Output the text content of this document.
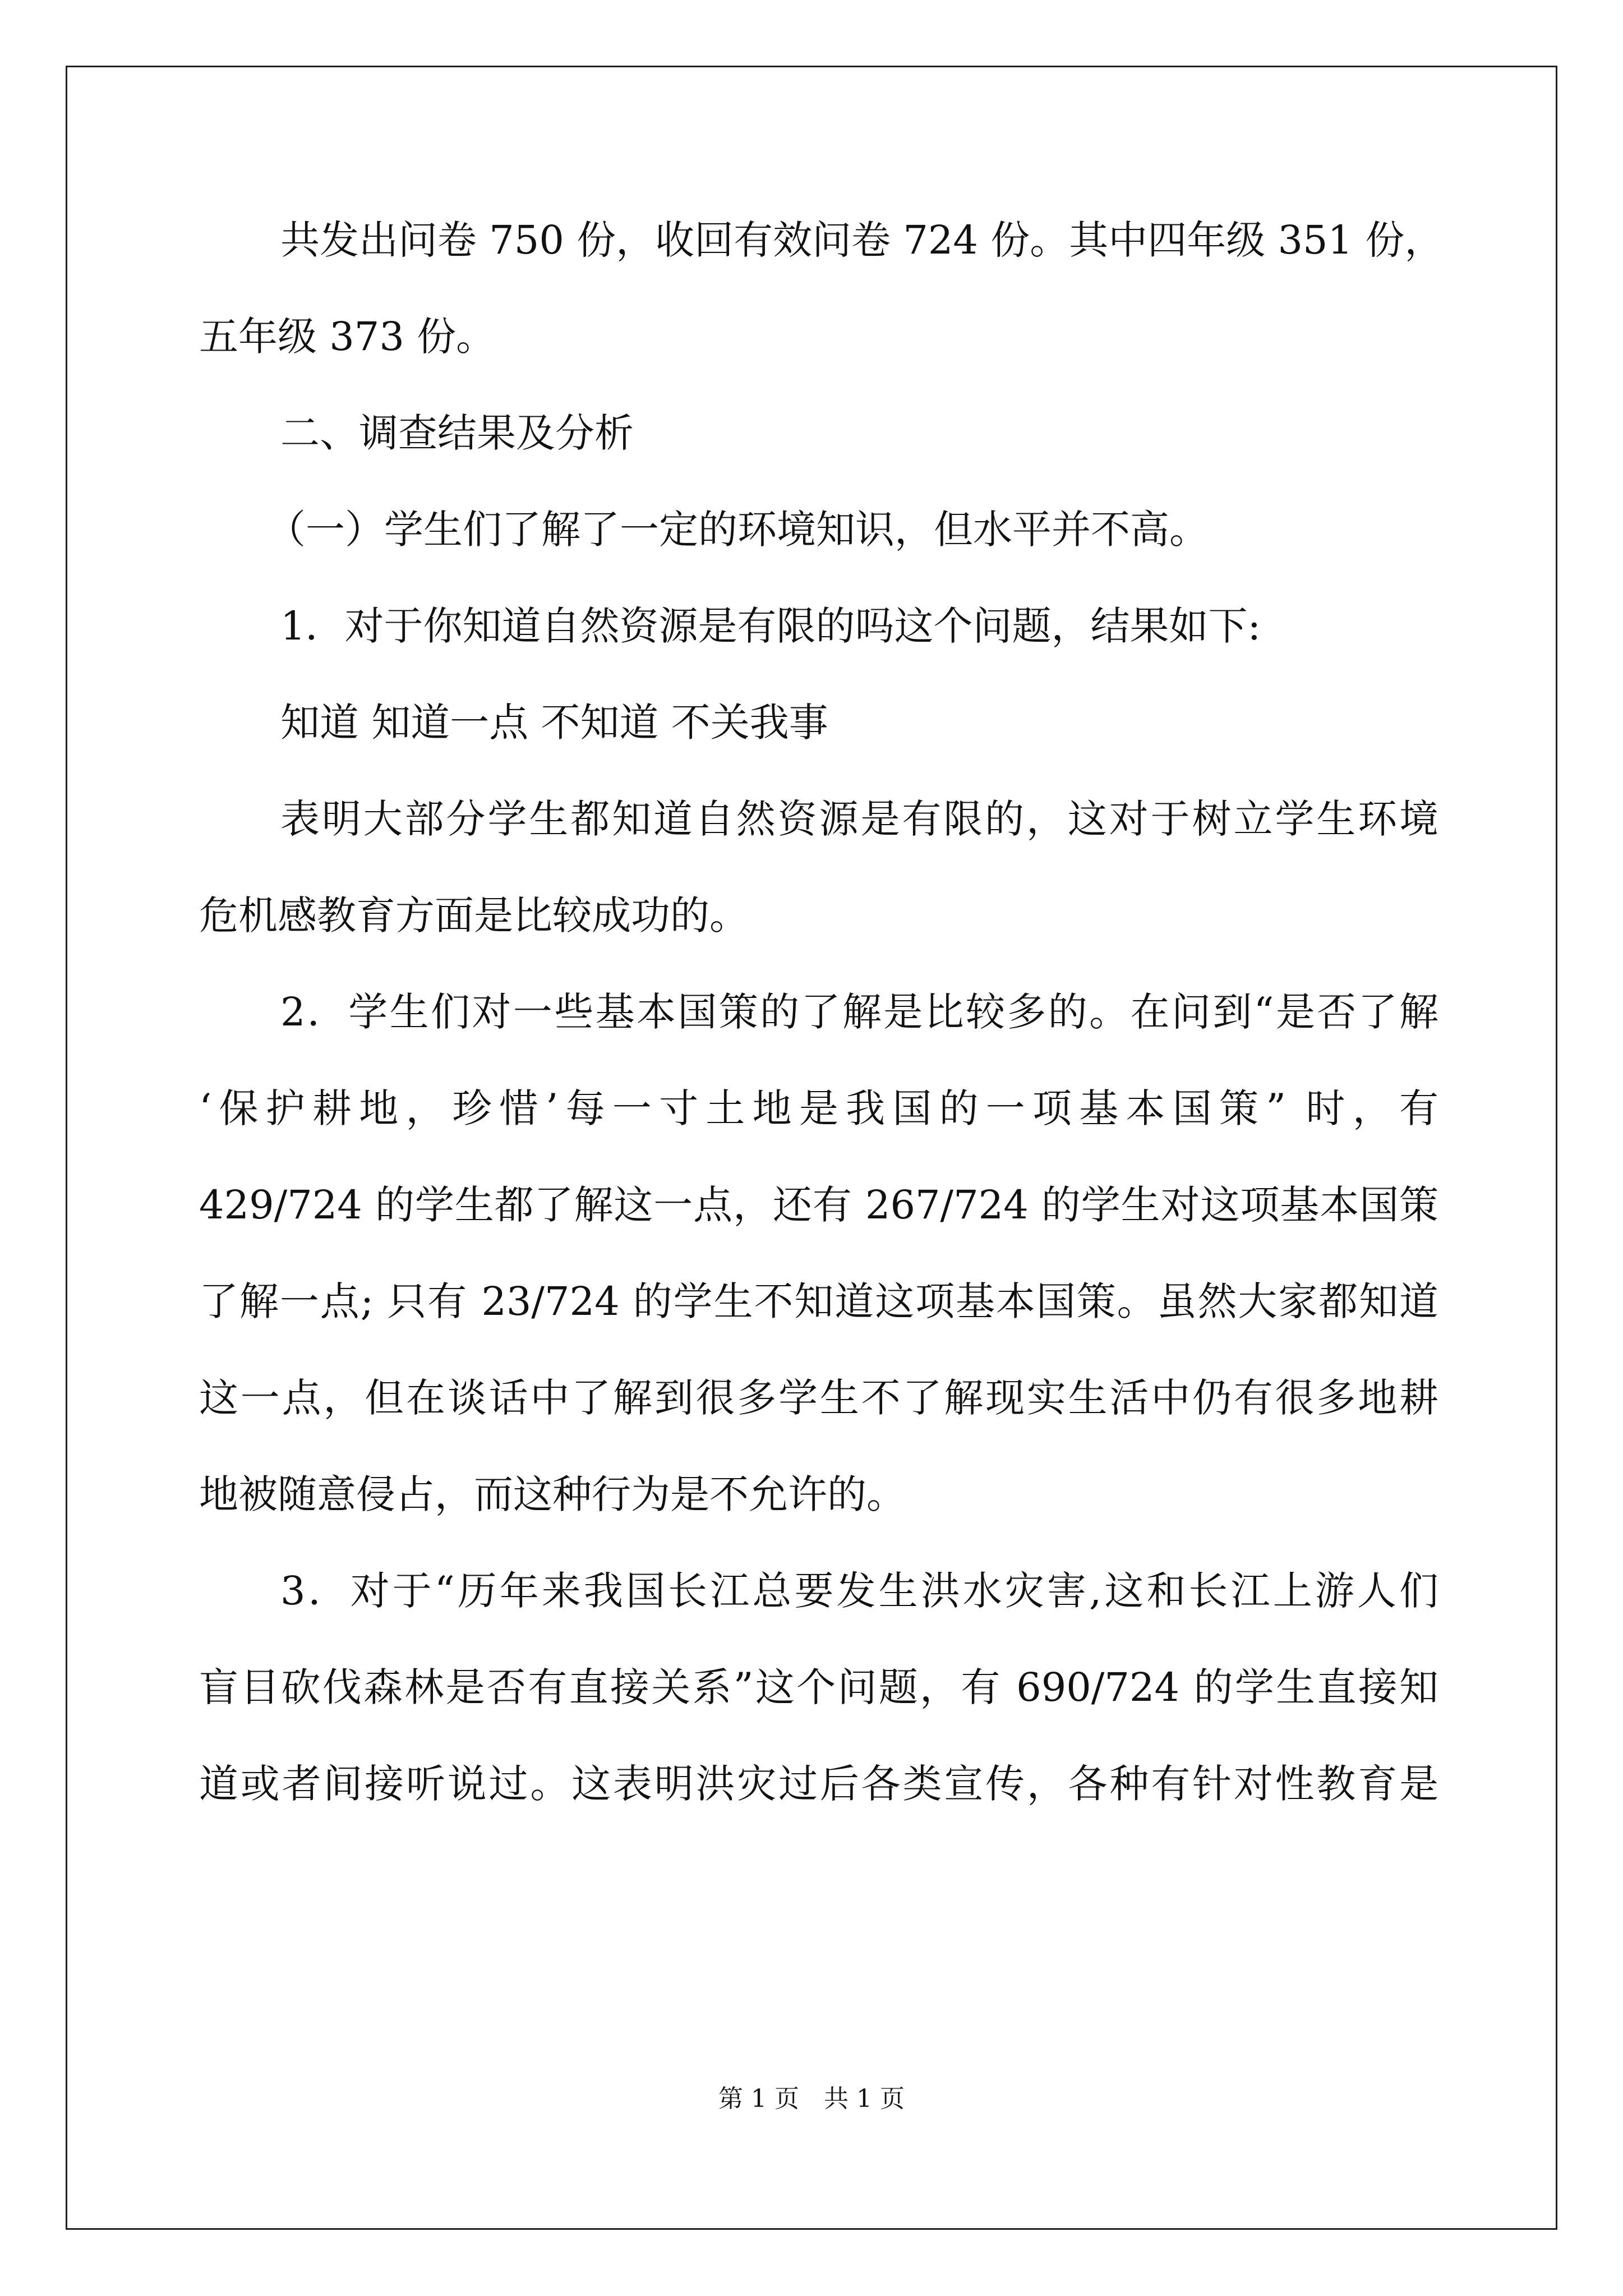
共发出问卷 750 份，收回有效问卷 724 份。其中四年级 351 份，
五年级 373 份。
二、调查结果及分析
（一）学生们了解了一定的环境知识，但水平并不高。
1．对于你知道自然资源是有限的吗这个问题，结果如下:
知道 知道一点 不知道 不关我事
表明大部分学生都知道自然资源是有限的，这对于树立学生环境
危机感教育方面是比较成功的。
2．学生们对一些基本国策的了解是比较多的。在问到“是否了解
‘保护耕地，珍惜’每一寸土地是我国的一项基本国策” 时，有
429/724 的学生都了解这一点，还有 267/724 的学生对这项基本国策
了解一点; 只有 23/724 的学生不知道这项基本国策。虽然大家都知道
这一点，但在谈话中了解到很多学生不了解现实生活中仍有很多地耕
地被随意侵占，而这种行为是不允许的。
3．对于“历年来我国长江总要发生洪水灾害,这和长江上游人们
盲目砍伐森林是否有直接关系”这个问题，有 690/724 的学生直接知
道或者间接听说过。这表明洪灾过后各类宣传，各种有针对性教育是
第 1 页 共 1 页
